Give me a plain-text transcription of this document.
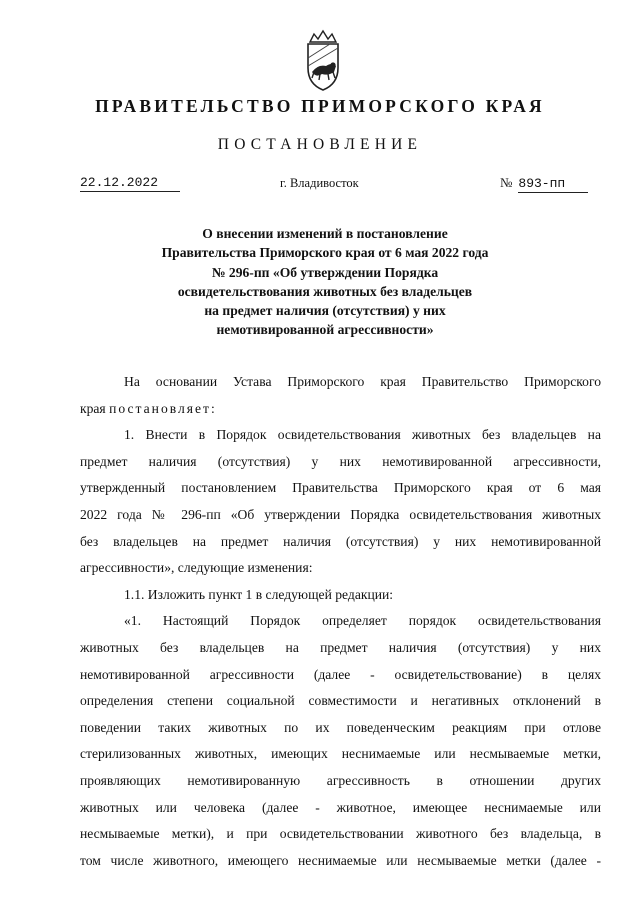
ПРАВИТЕЛЬСТВО ПРИМОРСКОГО КРАЯ
ПОСТАНОВЛЕНИЕ
22.12.2022	г. Владивосток	№ 893-пп
О внесении изменений в постановление
Правительства Приморского края от 6 мая 2022 года
№ 296-пп «Об утверждении Порядка
освидетельствования животных без владельцев
на предмет наличия (отсутствия) у них
немотивированной агрессивности»
На основании Устава Приморского края Правительство Приморского
края постановляет:
1. Внести в Порядок освидетельствования животных без владельцев на
предмет наличия (отсутствия) у них немотивированной агрессивности,
утвержденный постановлением Правительства Приморского края от 6 мая
2022 года № 296-пп «Об утверждении Порядка освидетельствования животных
без владельцев на предмет наличия (отсутствия) у них немотивированной
агрессивности», следующие изменения:
1.1. Изложить пункт 1 в следующей редакции:
«1. Настоящий Порядок определяет порядок освидетельствования
животных без владельцев на предмет наличия (отсутствия) у них
немотивированной агрессивности (далее - освидетельствование) в целях
определения степени социальной совместимости и негативных отклонений в
поведении таких животных по их поведенческим реакциям при отлове
стерилизованных животных, имеющих неснимаемые или несмываемые метки,
проявляющих немотивированную агрессивность в отношении других
животных или человека (далее - животное, имеющее неснимаемые или
несмываемые метки), и при освидетельствовании животного без владельца, в
том числе животного, имеющего неснимаемые или несмываемые метки (далее -
